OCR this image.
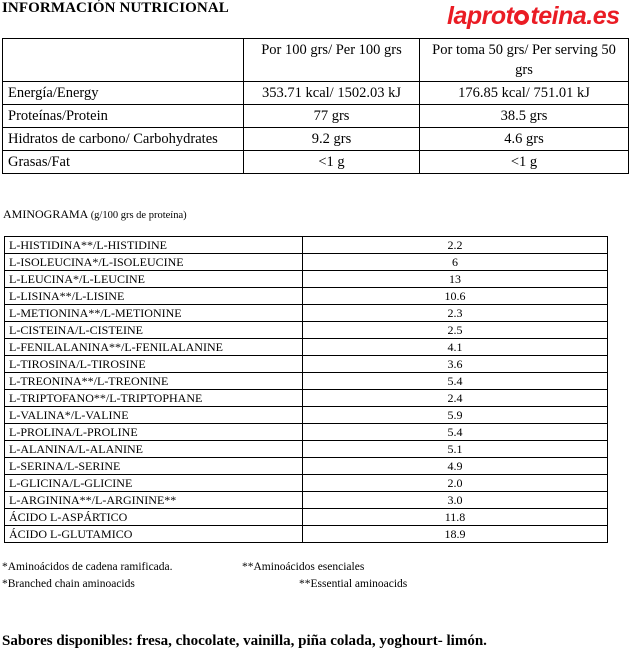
INFORMACIÓN NUTRICIONAL	laprot teina.es
	Por 100 grs/ Per 100 grs	Por toma 50 grs/ Per serving 50 grs
Energía/Energy	353.71 kcal/ 1502.03 kJ	176.85 kcal/ 751.01 kJ
Proteínas/Protein	77 grs	38.5 grs
Hidratos de carbono/ Carbohydrates	9.2 grs	4.6 grs
Grasas/Fat	<1 g	<1 g
AMINOGRAMA (g/100 grs de proteína)
L-HISTIDINA**/L-HISTIDINE	2.2
L-ISOLEUCINA*/L-ISOLEUCINE	6
L-LEUCINA*/L-LEUCINE	13
L-LISINA**/L-LISINE	10.6
L-METIONINA**/L-METIONINE	2.3
L-CISTEINA/L-CISTEINE	2.5
L-FENILALANINA**/L-FENILALANINE	4.1
L-TIROSINA/L-TIROSINE	3.6
L-TREONINA**/L-TREONINE	5.4
L-TRIPTOFANO**/L-TRIPTOPHANE	2.4
L-VALINA*/L-VALINE	5.9
L-PROLINA/L-PROLINE	5.4
L-ALANINA/L-ALANINE	5.1
L-SERINA/L-SERINE	4.9
L-GLICINA/L-GLICINE	2.0
L-ARGININA**/L-ARGININE**	3.0
ÁCIDO L-ASPÁRTICO	11.8
ÁCIDO L-GLUTAMICO	18.9
*Aminoácidos de cadena ramificada.	**Aminoácidos esenciales
*Branched chain aminoacids	**Essential aminoacids
Sabores disponibles: fresa, chocolate, vainilla, piña colada, yoghourt- limón.
